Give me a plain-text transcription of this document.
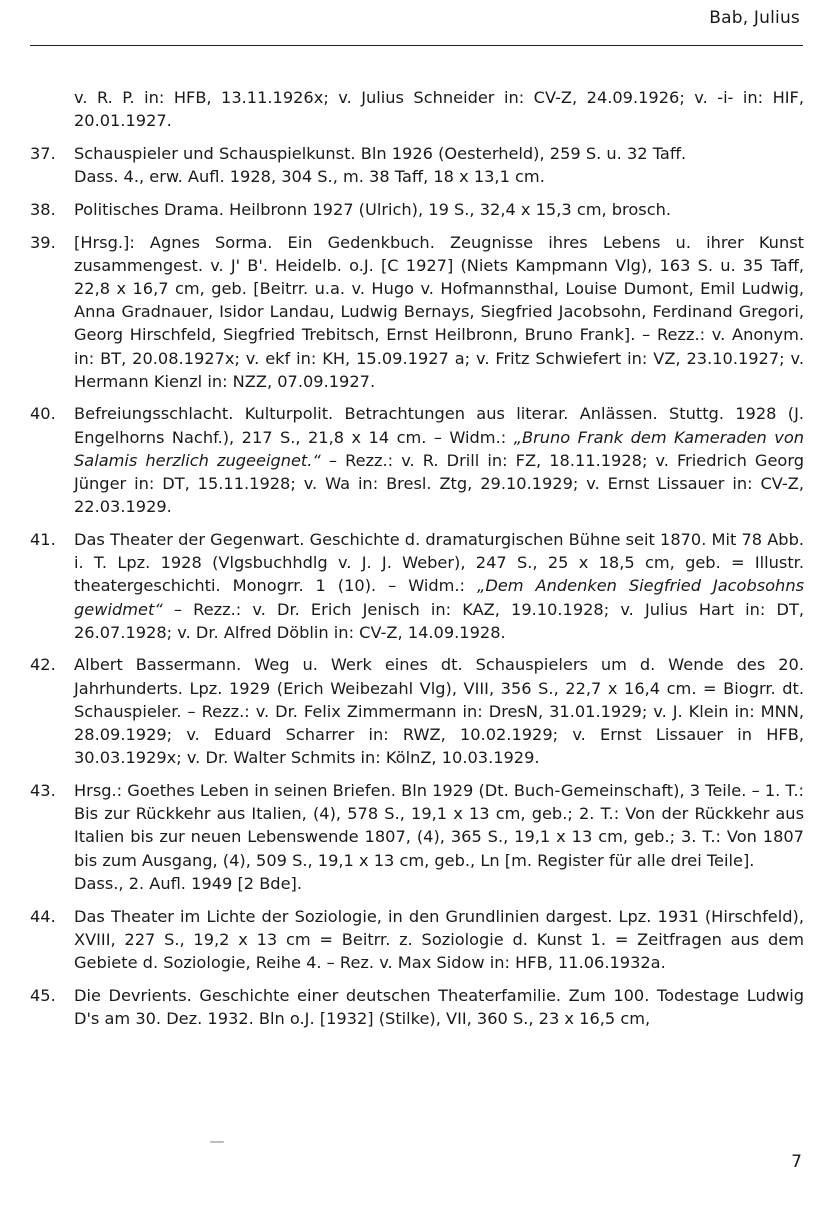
Bab, Julius
v. R. P. in: HFB, 13.11.1926x; v. Julius Schneider in: CV-Z, 24.09.1926; v. -i- in: HIF, 20.01.1927.
37.	Schauspieler und Schauspielkunst. Bln 1926 (Oesterheld), 259 S. u. 32 Taff.
Dass. 4., erw. Aufl. 1928, 304 S., m. 38 Taff, 18 x 13,1 cm.
38.	Politisches Drama. Heilbronn 1927 (Ulrich), 19 S., 32,4 x 15,3 cm, brosch.
39.	[Hrsg.]: Agnes Sorma. Ein Gedenkbuch. Zeugnisse ihres Lebens u. ihrer Kunst zusammengest. v. J' B'. Heidelb. o.J. [C 1927] (Niets Kampmann Vlg), 163 S. u. 35 Taff, 22,8 x 16,7 cm, geb. [Beitrr. u.a. v. Hugo v. Hofmannsthal, Louise Dumont, Emil Ludwig, Anna Gradnauer, Isidor Landau, Ludwig Bernays, Siegfried Jacobsohn, Ferdinand Gregori, Georg Hirschfeld, Siegfried Trebitsch, Ernst Heilbronn, Bruno Frank]. – Rezz.: v. Anonym. in: BT, 20.08.1927x; v. ekf in: KH, 15.09.1927 a; v. Fritz Schwiefert in: VZ, 23.10.1927; v. Hermann Kienzl in: NZZ, 07.09.1927.
40.	Befreiungsschlacht. Kulturpolit. Betrachtungen aus literar. Anlässen. Stuttg. 1928 (J. Engelhorns Nachf.), 217 S., 21,8 x 14 cm. – Widm.: „Bruno Frank dem Kameraden von Salamis herzlich zugeeignet.“ – Rezz.: v. R. Drill in: FZ, 18.11.1928; v. Friedrich Georg Jünger in: DT, 15.11.1928; v. Wa in: Bresl. Ztg, 29.10.1929; v. Ernst Lissauer in: CV-Z, 22.03.1929.
41.	Das Theater der Gegenwart. Geschichte d. dramaturgischen Bühne seit 1870. Mit 78 Abb. i. T. Lpz. 1928 (Vlgsbuchhdlg v. J. J. Weber), 247 S., 25 x 18,5 cm, geb. = Illustr. theatergeschichti. Monogrr. 1 (10). – Widm.: „Dem Andenken Siegfried Jacobsohns gewidmet“ – Rezz.: v. Dr. Erich Jenisch in: KAZ, 19.10.1928; v. Julius Hart in: DT, 26.07.1928; v. Dr. Alfred Döblin in: CV-Z, 14.09.1928.
42.	Albert Bassermann. Weg u. Werk eines dt. Schauspielers um d. Wende des 20. Jahrhunderts. Lpz. 1929 (Erich Weibezahl Vlg), VIII, 356 S., 22,7 x 16,4 cm. = Biogrr. dt. Schauspieler. – Rezz.: v. Dr. Felix Zimmermann in: DresN, 31.01.1929; v. J. Klein in: MNN, 28.09.1929; v. Eduard Scharrer in: RWZ, 10.02.1929; v. Ernst Lissauer in HFB, 30.03.1929x; v. Dr. Walter Schmits in: KölnZ, 10.03.1929.
43.	Hrsg.: Goethes Leben in seinen Briefen. Bln 1929 (Dt. Buch-Gemeinschaft), 3 Teile. – 1. T.: Bis zur Rückkehr aus Italien, (4), 578 S., 19,1 x 13 cm, geb.; 2. T.: Von der Rückkehr aus Italien bis zur neuen Lebenswende 1807, (4), 365 S., 19,1 x 13 cm, geb.; 3. T.: Von 1807 bis zum Ausgang, (4), 509 S., 19,1 x 13 cm, geb., Ln [m. Register für alle drei Teile].
Dass., 2. Aufl. 1949 [2 Bde].
44.	Das Theater im Lichte der Soziologie, in den Grundlinien dargest. Lpz. 1931 (Hirschfeld), XVIII, 227 S., 19,2 x 13 cm = Beitrr. z. Soziologie d. Kunst 1. = Zeitfragen aus dem Gebiete d. Soziologie, Reihe 4. – Rez. v. Max Sidow in: HFB, 11.06.1932a.
45.	Die Devrients. Geschichte einer deutschen Theaterfamilie. Zum 100. Todestage Ludwig D's am 30. Dez. 1932. Bln o.J. [1932] (Stilke), VII, 360 S., 23 x 16,5 cm,
7
